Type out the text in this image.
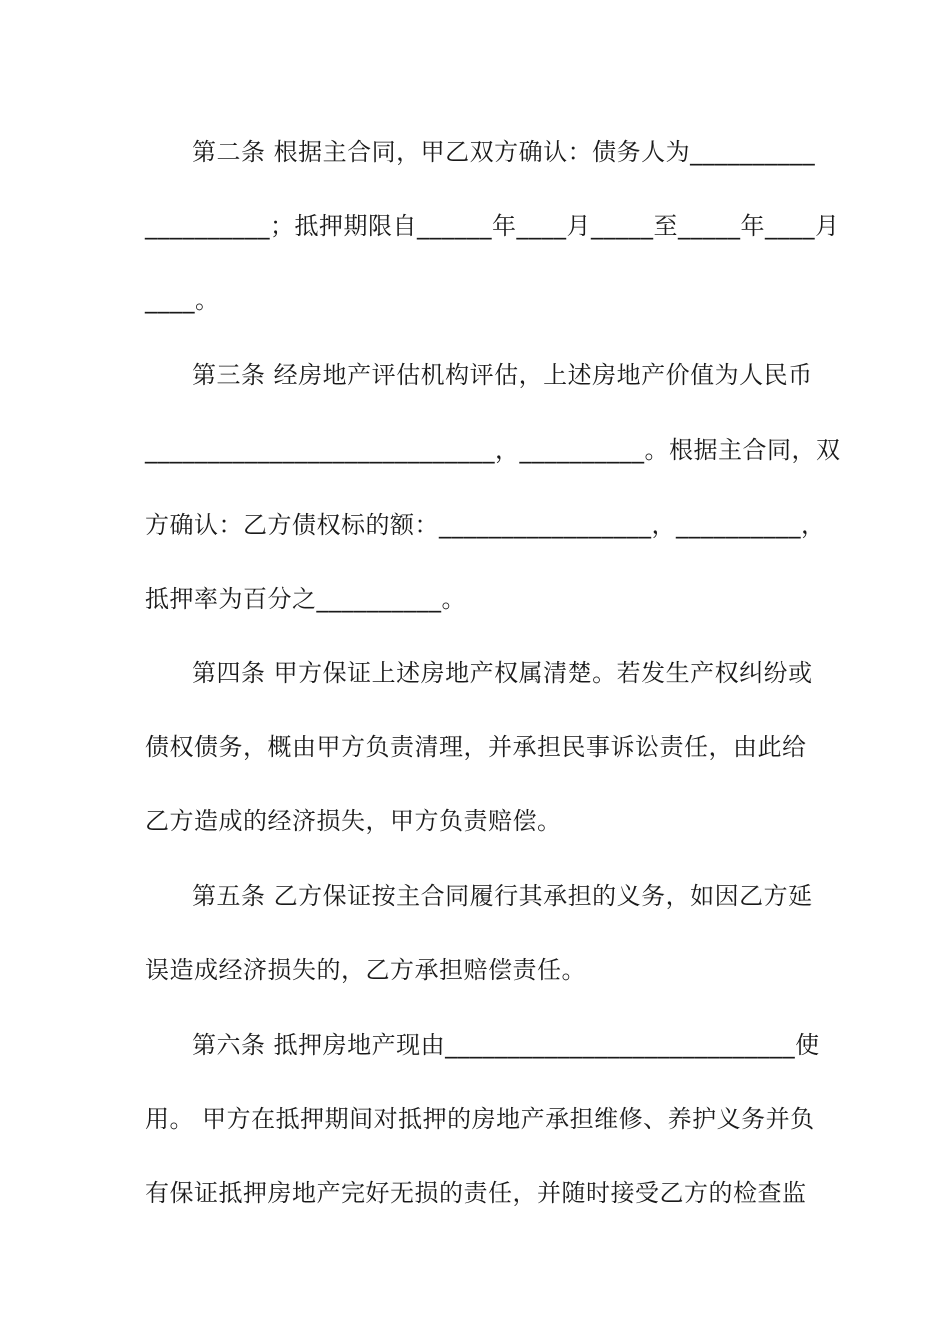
第二条 根据主合同，甲乙双方确认：债务人为__________
__________；抵押期限自______年____月_____至_____年____月
____。
第三条 经房地产评估机构评估，上述房地产价值为人民币
____________________________，__________。根据主合同，双
方确认：乙方债权标的额：_________________，__________，
抵押率为百分之__________。
第四条 甲方保证上述房地产权属清楚。若发生产权纠纷或
债权债务，概由甲方负责清理，并承担民事诉讼责任，由此给
乙方造成的经济损失，甲方负责赔偿。
第五条 乙方保证按主合同履行其承担的义务，如因乙方延
误造成经济损失的，乙方承担赔偿责任。
第六条 抵押房地产现由____________________________使
用。 甲方在抵押期间对抵押的房地产承担维修、养护义务并负
有保证抵押房地产完好无损的责任，并随时接受乙方的检查监
